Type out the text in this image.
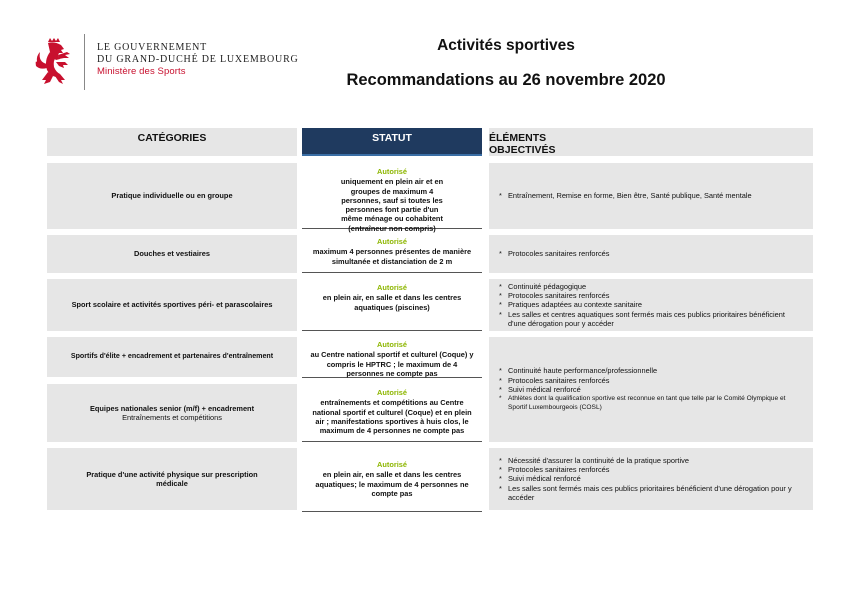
LE GOUVERNEMENT
DU GRAND-DUCHÉ DE LUXEMBOURG
Ministère des Sports
Activités sportives
Recommandations au 26 novembre 2020
CATÉGORIES	STATUT	ÉLÉMENTS
OBJECTIVÉS
Pratique individuelle ou en groupe
Autorisé
uniquement en plein air et en groupes de maximum 4 personnes, sauf si toutes les personnes font partie d'un même ménage ou cohabitent (entraîneur non compris)
* Entraînement, Remise en forme, Bien être, Santé publique, Santé mentale
Douches et vestiaires
Autorisé
maximum 4 personnes présentes de manière simultanée et distanciation de 2 m
* Protocoles sanitaires renforcés
Sport scolaire et activités sportives péri- et parascolaires
Autorisé
en plein air, en salle et dans les centres aquatiques (piscines)
* Continuité pédagogique
* Protocoles sanitaires renforcés
* Pratiques adaptées au contexte sanitaire
* Les salles et centres aquatiques sont fermés mais ces publics prioritaires bénéficient d'une dérogation pour y accéder
Sportifs d'élite + encadrement et partenaires d'entraînement
Autorisé
au Centre national sportif et culturel (Coque) y compris le HPTRC ; le maximum de 4 personnes ne compte pas
Equipes nationales senior (m/f) + encadrement
Entraînements et compétitions
Autorisé
entraînements et compétitions au Centre national sportif et culturel (Coque) et en plein air ; manifestations sportives à huis clos, le maximum de 4 personnes ne compte pas
* Continuité haute performance/professionnelle
* Protocoles sanitaires renforcés
* Suivi médical renforcé
* Athlètes dont la qualification sportive est reconnue en tant que telle par le Comité Olympique et Sportif Luxembourgeois (COSL)
Pratique d'une activité physique sur prescription médicale
Autorisé
en plein air, en salle et dans les centres aquatiques; le maximum de 4 personnes ne compte pas
* Nécessité d'assurer la continuité de la pratique sportive
* Protocoles sanitaires renforcés
* Suivi médical renforcé
* Les salles sont fermés mais ces publics prioritaires bénéficient d'une dérogation pour y accéder
